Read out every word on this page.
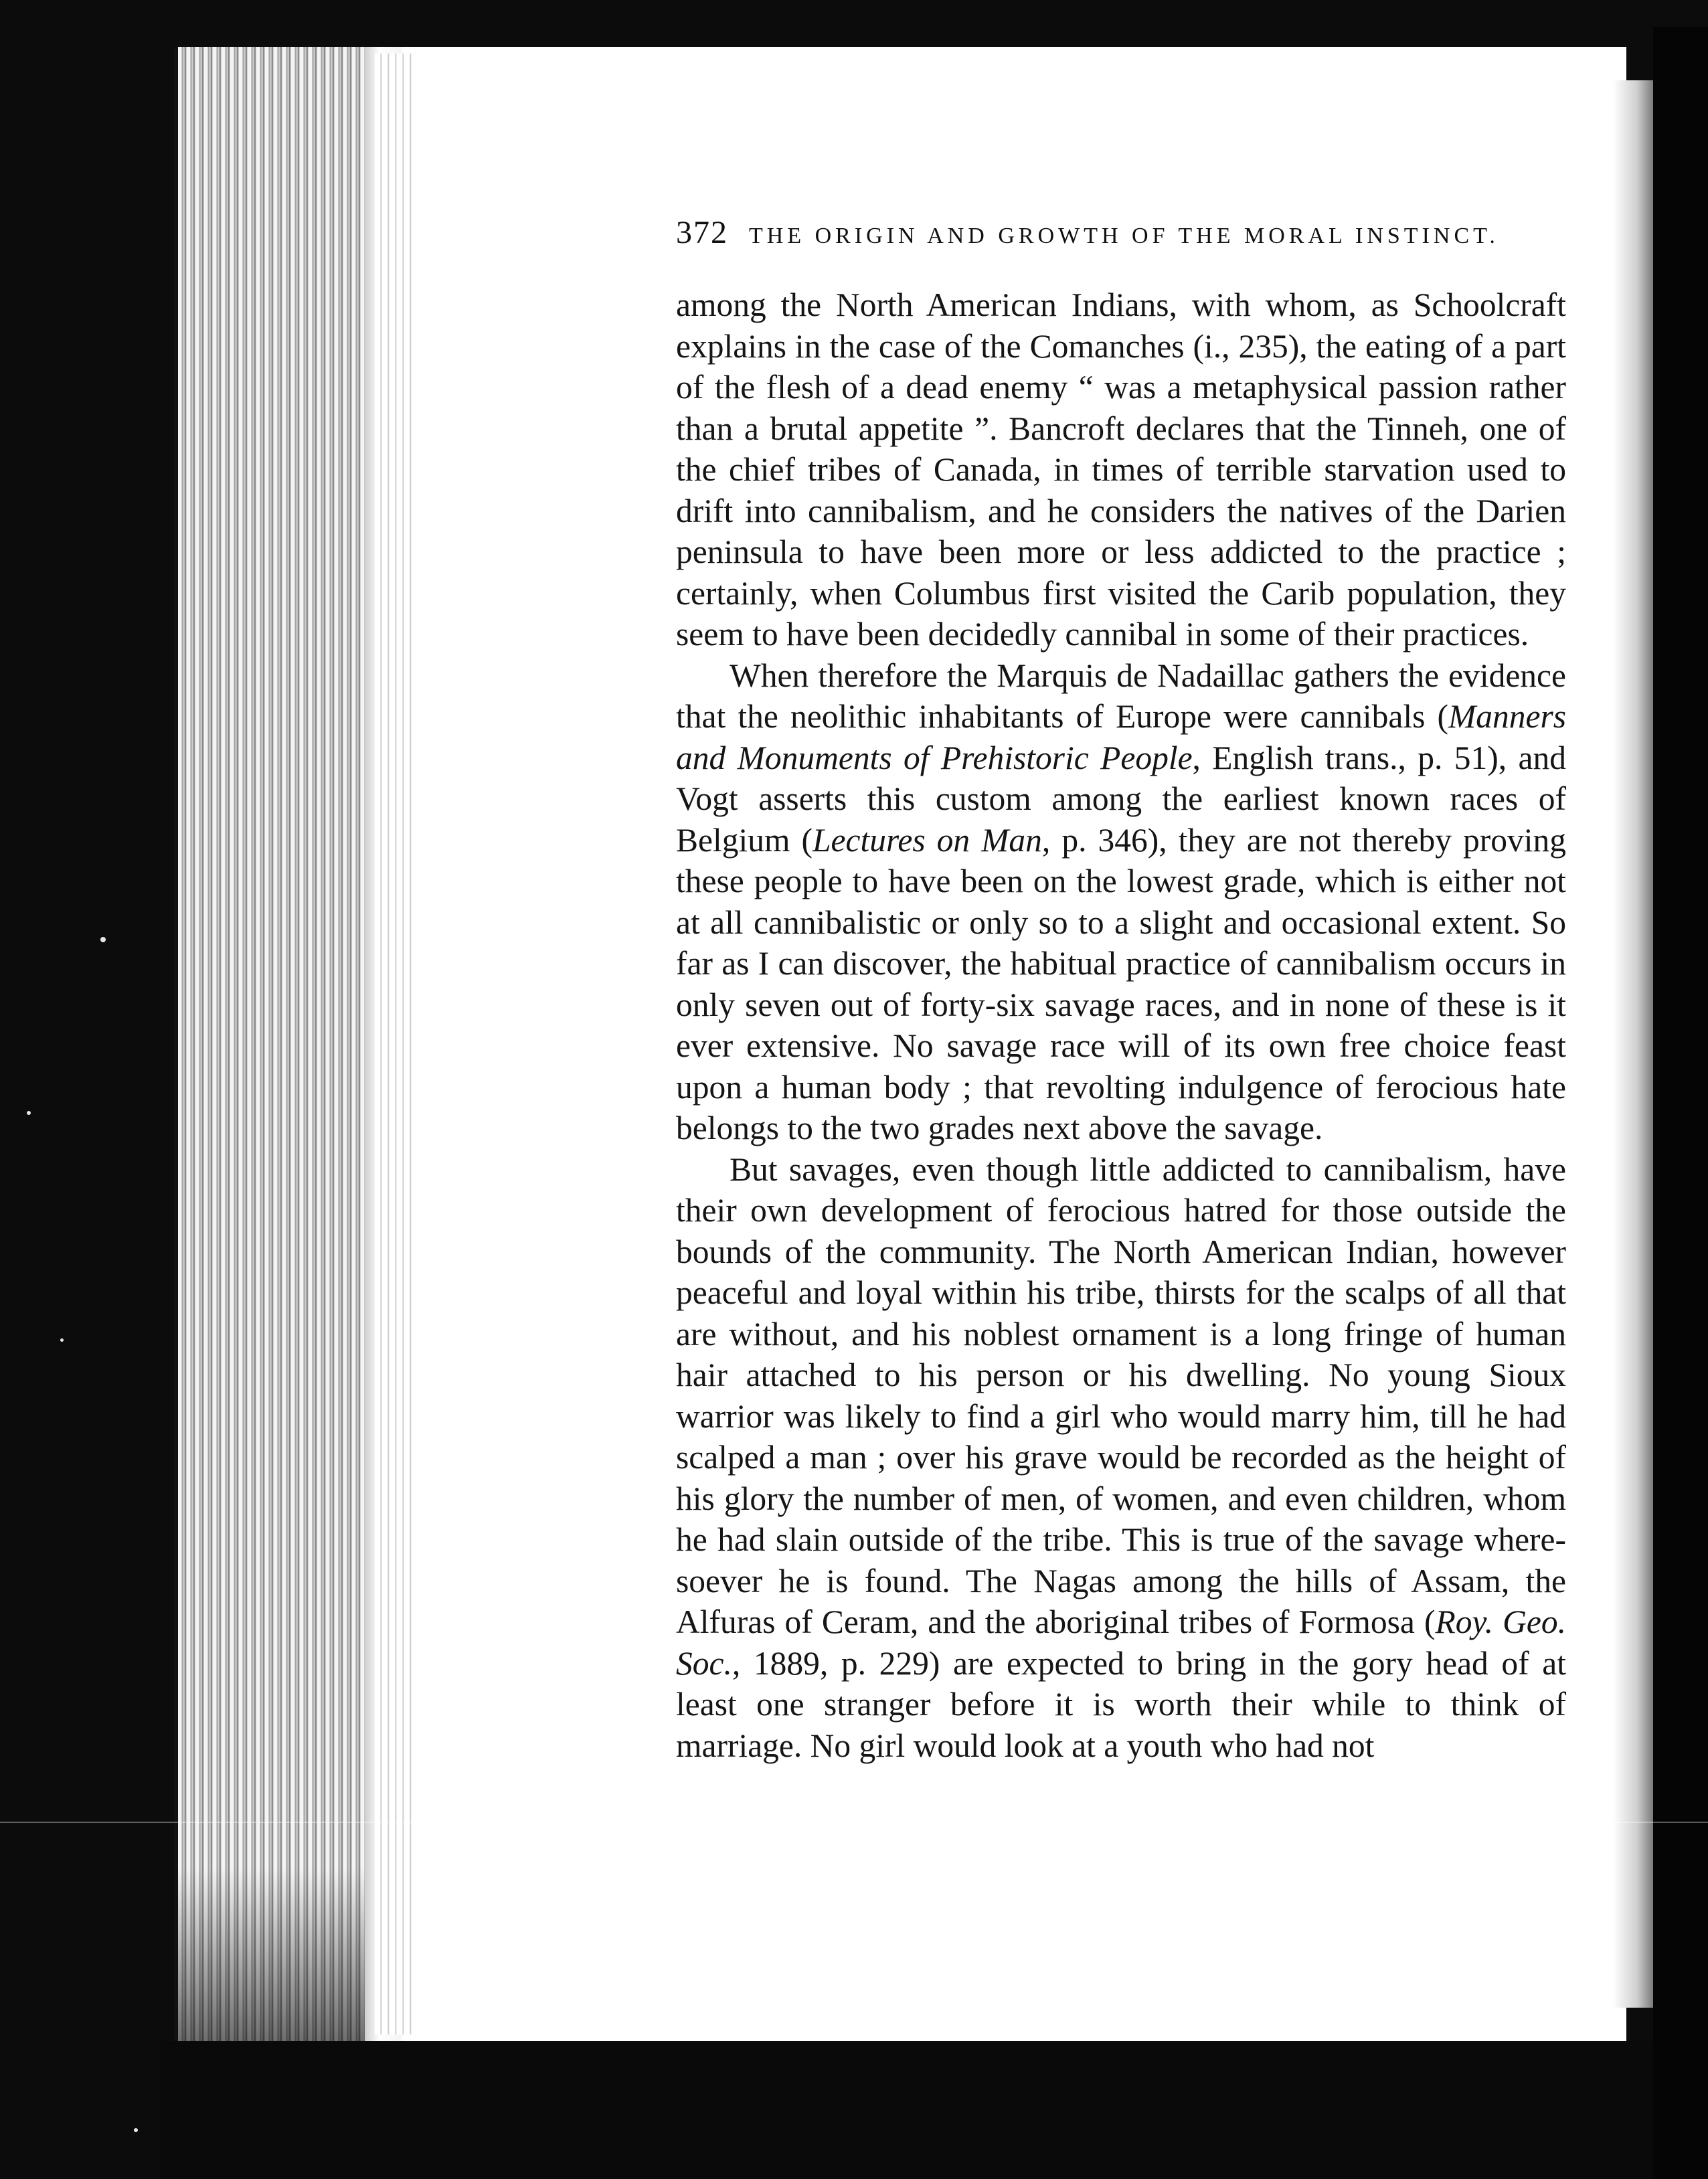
372 THE ORIGIN AND GROWTH OF THE MORAL INSTINCT.

among the North American Indians, with whom, as Schoolcraft explains in the case of the Comanches (i., 235), the eating of a part of the flesh of a dead enemy “ was a metaphysical passion rather than a brutal appetite ”. Bancroft declares that the Tinneh, one of the chief tribes of Canada, in times of terrible starvation used to drift into cannibalism, and he considers the natives of the Darien peninsula to have been more or less addicted to the practice ; certainly, when Columbus first visited the Carib population, they seem to have been decidedly cannibal in some of their practices.

When therefore the Marquis de Nadaillac gathers the evidence that the neolithic inhabitants of Europe were cannibals (Manners and Monuments of Prehistoric People, English trans., p. 51), and Vogt asserts this custom among the earliest known races of Belgium (Lectures on Man, p. 346), they are not thereby proving these people to have been on the lowest grade, which is either not at all cannibalistic or only so to a slight and occasional extent. So far as I can discover, the habitual practice of cannibalism occurs in only seven out of forty-six savage races, and in none of these is it ever extensive. No savage race will of its own free choice feast upon a human body ; that revolting indulgence of ferocious hate belongs to the two grades next above the savage.

But savages, even though little addicted to cannibalism, have their own development of ferocious hatred for those outside the bounds of the community. The North American Indian, however peaceful and loyal within his tribe, thirsts for the scalps of all that are without, and his noblest ornament is a long fringe of human hair attached to his person or his dwelling. No young Sioux warrior was likely to find a girl who would marry him, till he had scalped a man ; over his grave would be recorded as the height of his glory the number of men, of women, and even children, whom he had slain outside of the tribe. This is true of the savage wheresoever he is found. The Nagas among the hills of Assam, the Alfuras of Ceram, and the aboriginal tribes of Formosa (Roy. Geo. Soc., 1889, p. 229) are expected to bring in the gory head of at least one stranger before it is worth their while to think of marriage. No girl would look at a youth who had not
